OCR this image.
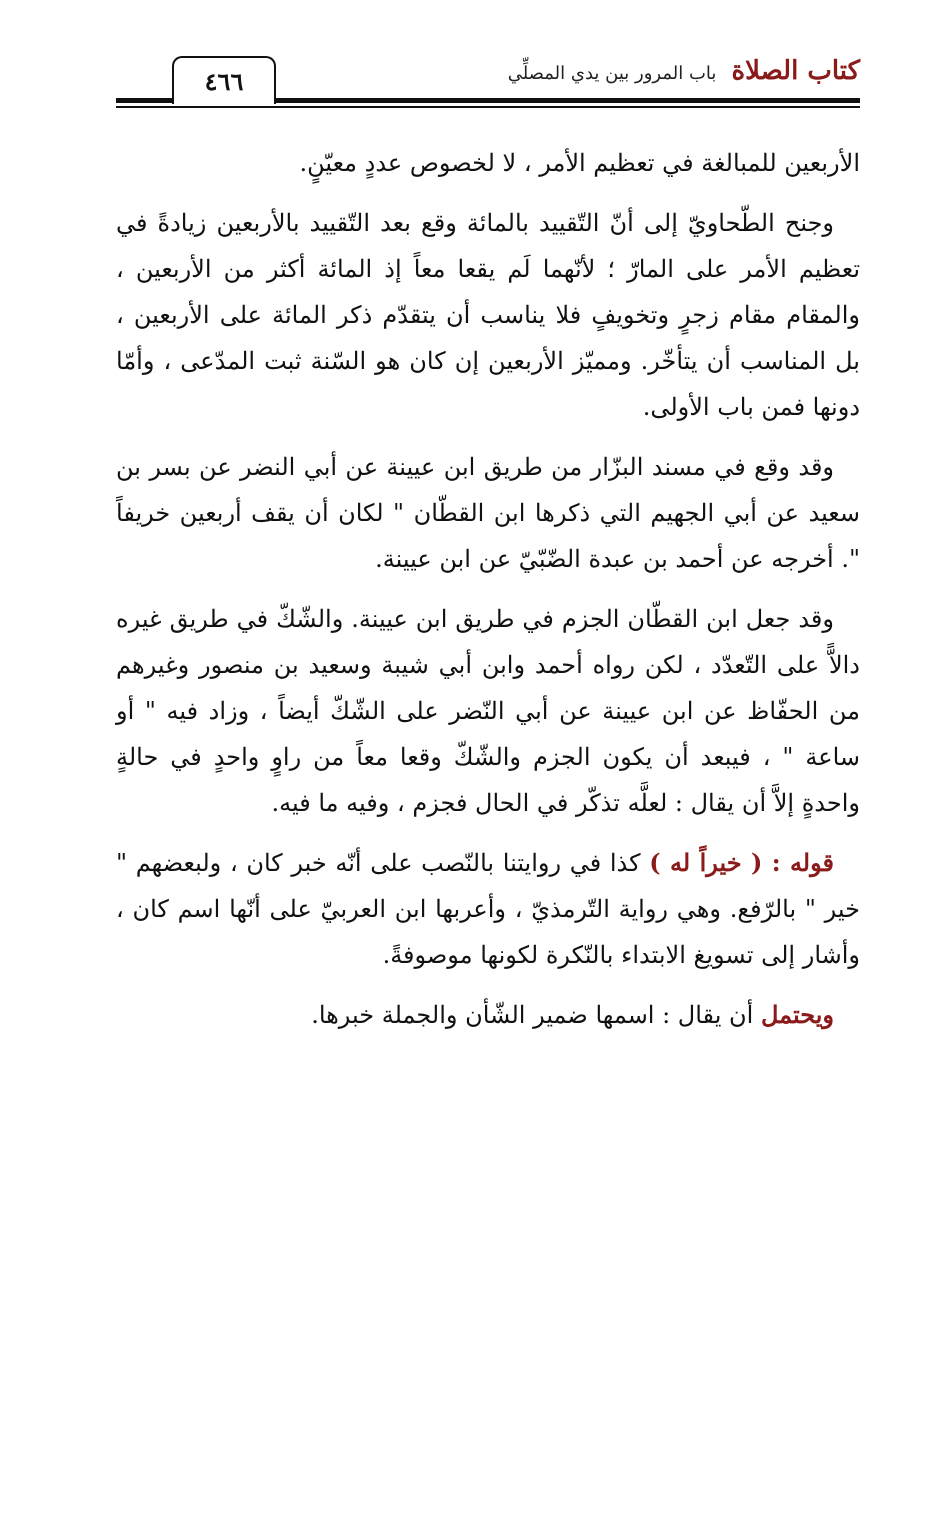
٤٦٦	كتاب الصلاة باب المرور بين يدي المصلِّي

الأربعين للمبالغة في تعظيم الأمر ، لا لخصوص عددٍ معيّنٍ.

وجنح الطّحاويّ إلى أنّ التّقييد بالمائة وقع بعد التّقييد بالأربعين زيادةً في تعظيم الأمر على المارّ ؛ لأنّهما لَم يقعا معاً إذ المائة أكثر من الأربعين ، والمقام مقام زجرٍ وتخويفٍ فلا يناسب أن يتقدّم ذكر المائة على الأربعين ، بل المناسب أن يتأخّر. ومميّز الأربعين إن كان هو السّنة ثبت المدّعى ، وأمّا دونها فمن باب الأولى.

وقد وقع في مسند البزّار من طريق ابن عيينة عن أبي النضر عن بسر بن سعيد عن أبي الجهيم التي ذكرها ابن القطّان " لكان أن يقف أربعين خريفاً ". أخرجه عن أحمد بن عبدة الضّبّيّ عن ابن عيينة.

وقد جعل ابن القطّان الجزم في طريق ابن عيينة. والشّكّ في طريق غيره دالاًّ على التّعدّد ، لكن رواه أحمد وابن أبي شيبة وسعيد بن منصور وغيرهم من الحفّاظ عن ابن عيينة عن أبي النّضر على الشّكّ أيضاً ، وزاد فيه " أو ساعة " ، فيبعد أن يكون الجزم والشّكّ وقعا معاً من راوٍ واحدٍ في حالةٍ واحدةٍ إلاَّ أن يقال : لعلَّه تذكّر في الحال فجزم ، وفيه ما فيه.

قوله : ( خيراً له ) كذا في روايتنا بالنّصب على أنّه خبر كان ، ولبعضهم " خير " بالرّفع. وهي رواية التّرمذيّ ، وأعربها ابن العربيّ على أنّها اسم كان ، وأشار إلى تسويغ الابتداء بالنّكرة لكونها موصوفةً.

ويحتمل أن يقال : اسمها ضمير الشّأن والجملة خبرها.
